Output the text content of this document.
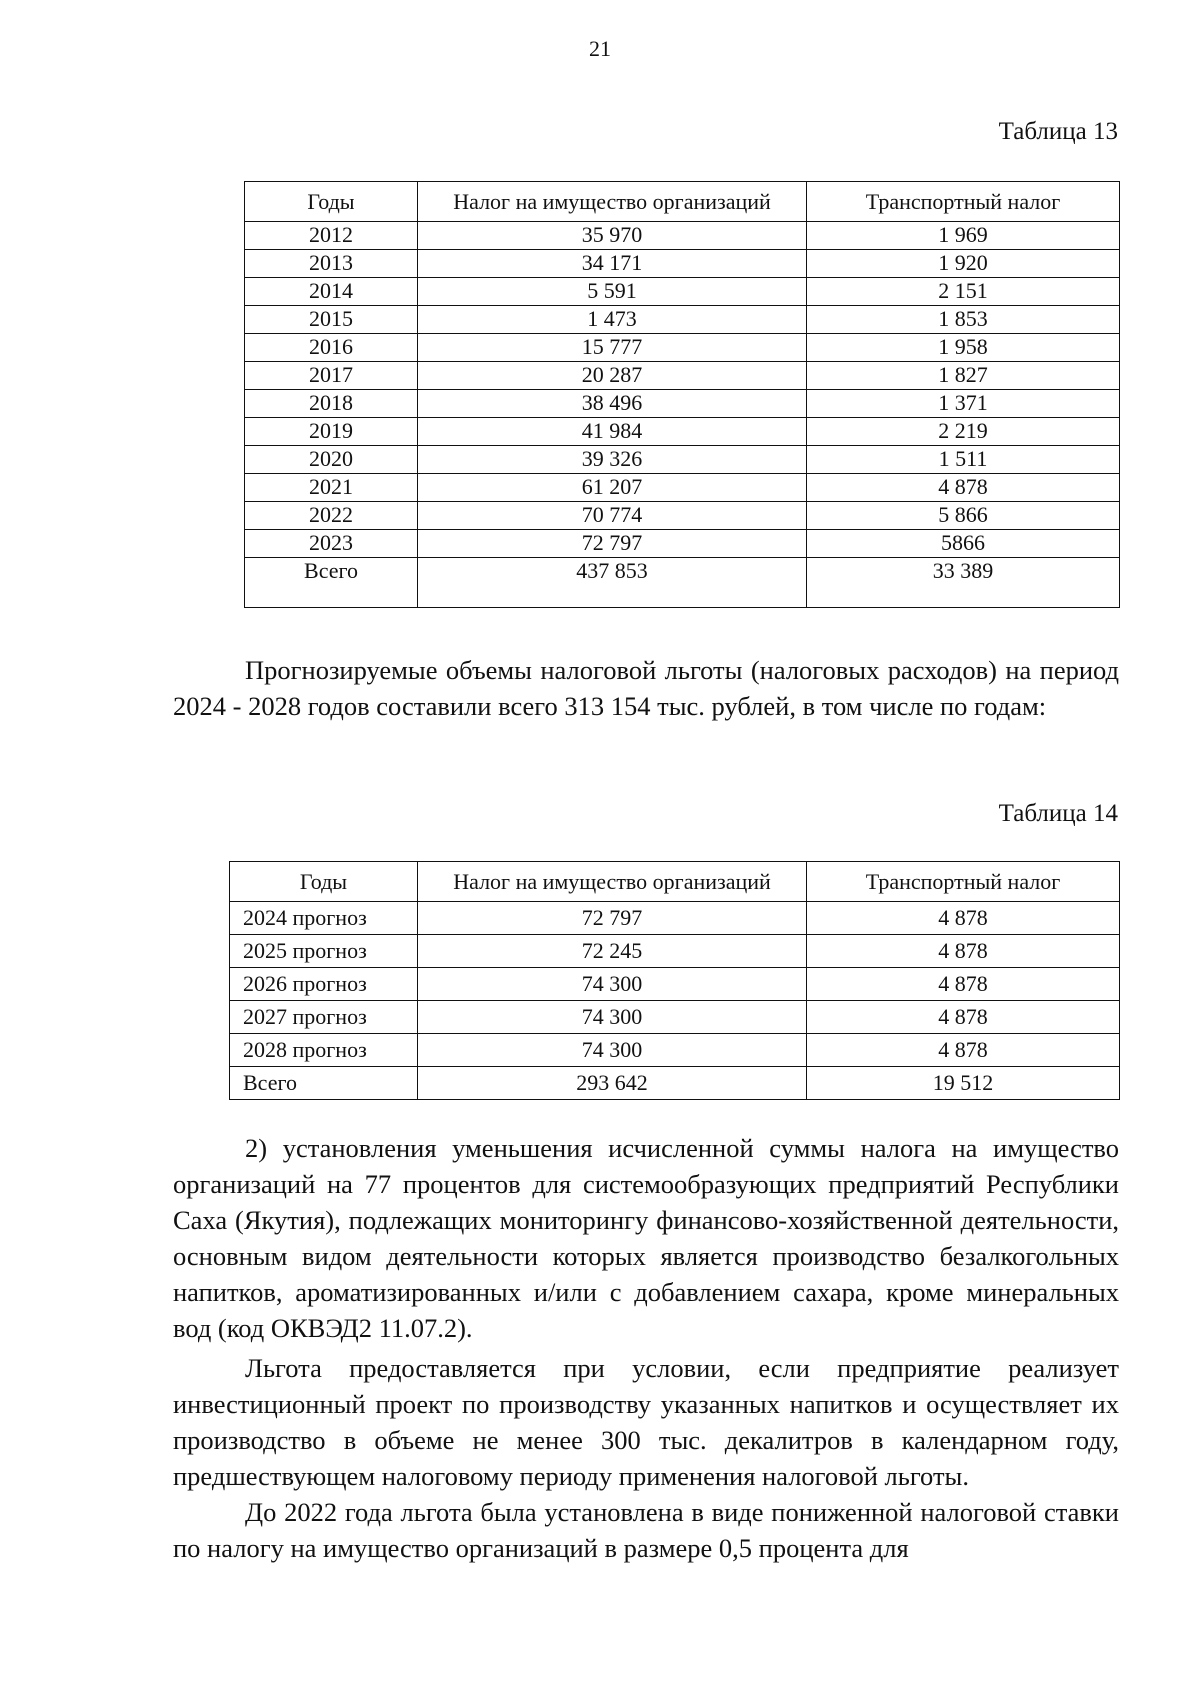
21
Таблица 13
Годы	Налог на имущество организаций	Транспортный налог
2012	35 970	1 969
2013	34 171	1 920
2014	5 591	2 151
2015	1 473	1 853
2016	15 777	1 958
2017	20 287	1 827
2018	38 496	1 371
2019	41 984	2 219
2020	39 326	1 511
2021	61 207	4 878
2022	70 774	5 866
2023	72 797	5866
Всего	437 853	33 389

Прогнозируемые объемы налоговой льготы (налоговых расходов) на период 2024 - 2028 годов составили всего 313 154 тыс. рублей, в том числе по годам:

Таблица 14
Годы	Налог на имущество организаций	Транспортный налог
2024 прогноз	72 797	4 878
2025 прогноз	72 245	4 878
2026 прогноз	74 300	4 878
2027 прогноз	74 300	4 878
2028 прогноз	74 300	4 878
Всего	293 642	19 512

2) установления уменьшения исчисленной суммы налога на имущество организаций на 77 процентов для системообразующих предприятий Республики Саха (Якутия), подлежащих мониторингу финансово-хозяйственной деятельности, основным видом деятельности которых является производство безалкогольных напитков, ароматизированных и/или с добавлением сахара, кроме минеральных вод (код ОКВЭД2 11.07.2).

Льгота предоставляется при условии, если предприятие реализует инвестиционный проект по производству указанных напитков и осуществляет их производство в объеме не менее 300 тыс. декалитров в календарном году, предшествующем налоговому периоду применения налоговой льготы.

До 2022 года льгота была установлена в виде пониженной налоговой ставки по налогу на имущество организаций в размере 0,5 процента для
